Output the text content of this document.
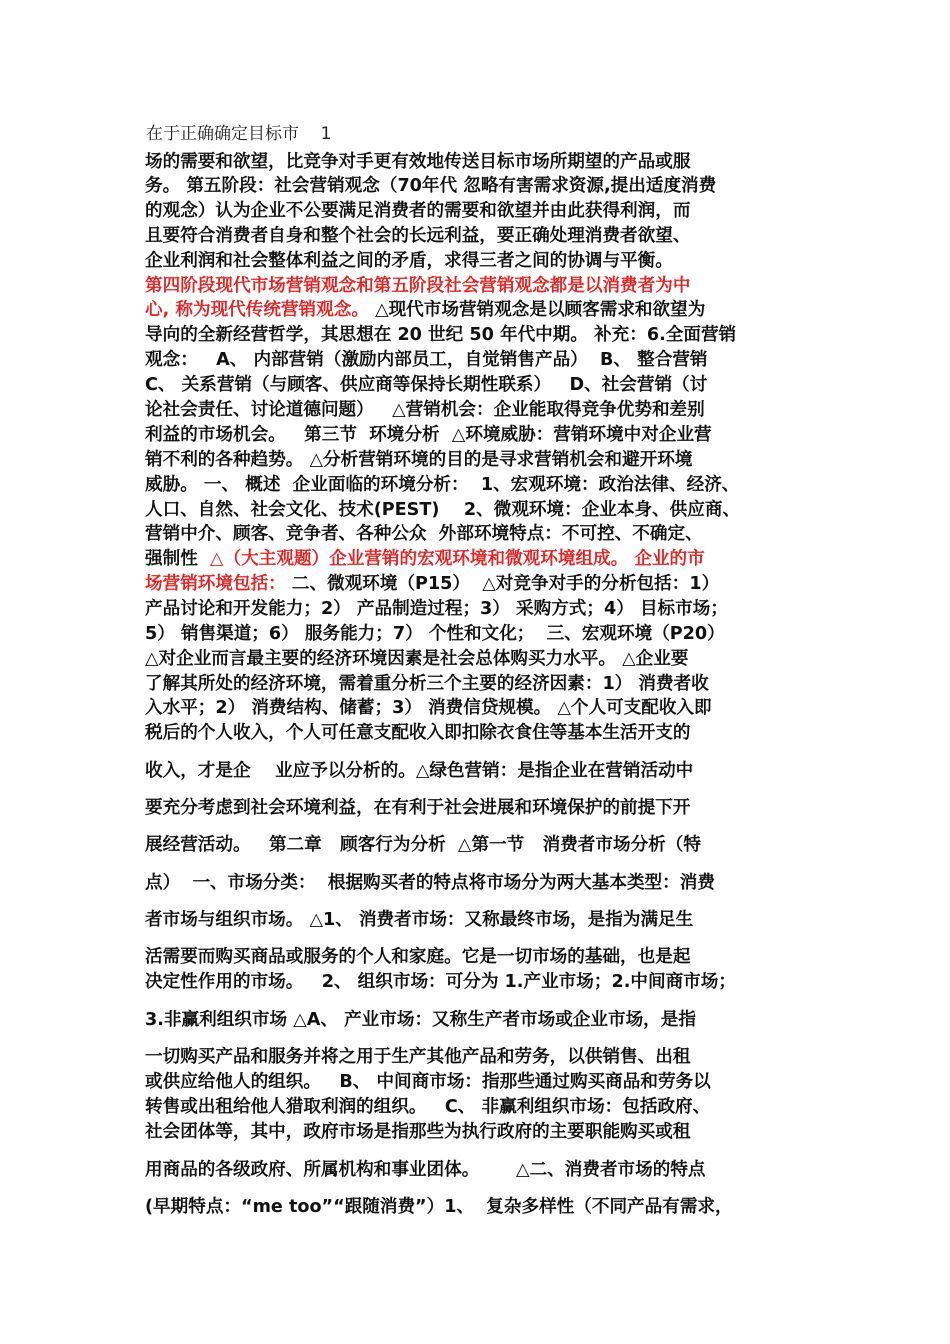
在于正确确定目标市    1
场的需要和欲望，比竞争对手更有效地传送目标市场所期望的产品或服
务。 第五阶段：社会营销观念（70年代 忽略有害需求资源,提出适度消费
的观念）认为企业不公要满足消费者的需要和欲望并由此获得利润，而
且要符合消费者自身和整个社会的长远利益，要正确处理消费者欲望、
企业利润和社会整体利益之间的矛盾，求得三者之间的协调与平衡。
第四阶段现代市场营销观念和第五阶段社会营销观念都是以消费者为中
心, 称为现代传统营销观念。 △现代市场营销观念是以顾客需求和欲望为
导向的全新经营哲学，其思想在 20 世纪 50 年代中期。 补充：6.全面营销
观念：   A、 内部营销（激励内部员工，自觉销售产品）  B、 整合营销
C、 关系营销（与顾客、供应商等保持长期性联系）   D、社会营销（讨
论社会责任、讨论道德问题）   △营销机会：企业能取得竞争优势和差别
利益的市场机会。   第三节  环境分析  △环境威胁：营销环境中对企业营
销不利的各种趋势。 △分析营销环境的目的是寻求营销机会和避开环境
威胁。 一、 概述  企业面临的环境分析：  1、宏观环境：政治法律、经济、
人口、自然、社会文化、技术(PEST)    2、微观环境：企业本身、供应商、
营销中介、顾客、竞争者、各种公众  外部环境特点：不可控、不确定、
强制性  △（大主观题）企业营销的宏观环境和微观环境组成。 企业的市
场营销环境包括： 二、微观环境（P15）  △对竞争对手的分析包括：1）
产品讨论和开发能力；2） 产品制造过程；3） 采购方式；4） 目标市场；
5） 销售渠道；6） 服务能力；7） 个性和文化；  三、宏观环境（P20）
△对企业而言最主要的经济环境因素是社会总体购买力水平。 △企业要
了解其所处的经济环境，需着重分析三个主要的经济因素：1） 消费者收
入水平；2） 消费结构、储蓄；3） 消费信贷规模。 △个人可支配收入即
税后的个人收入，个人可任意支配收入即扣除衣食住等基本生活开支的
收入，才是企    业应予以分析的。△绿色营销：是指企业在营销活动中
要充分考虑到社会环境利益，在有利于社会进展和环境保护的前提下开
展经营活动。   第二章   顾客行为分析  △第一节   消费者市场分析（特
点）  一、市场分类：  根据购买者的特点将市场分为两大基本类型：消费
者市场与组织市场。 △1、 消费者市场：又称最终市场，是指为满足生
活需要而购买商品或服务的个人和家庭。它是一切市场的基础，也是起
决定性作用的市场。   2、 组织市场：可分为 1.产业市场；2.中间商市场；
3.非赢利组织市场 △A、 产业市场：又称生产者市场或企业市场，是指
一切购买产品和服务并将之用于生产其他产品和劳务，以供销售、出租
或供应给他人的组织。   B、 中间商市场：指那些通过购买商品和劳务以
转售或出租给他人猎取利润的组织。   C、 非赢利组织市场：包括政府、
社会团体等，其中，政府市场是指那些为执行政府的主要职能购买或租
用商品的各级政府、所属机构和事业团体。      △二、消费者市场的特点
(早期特点：“me too”“跟随消费”）1、  复杂多样性（不同产品有需求，
